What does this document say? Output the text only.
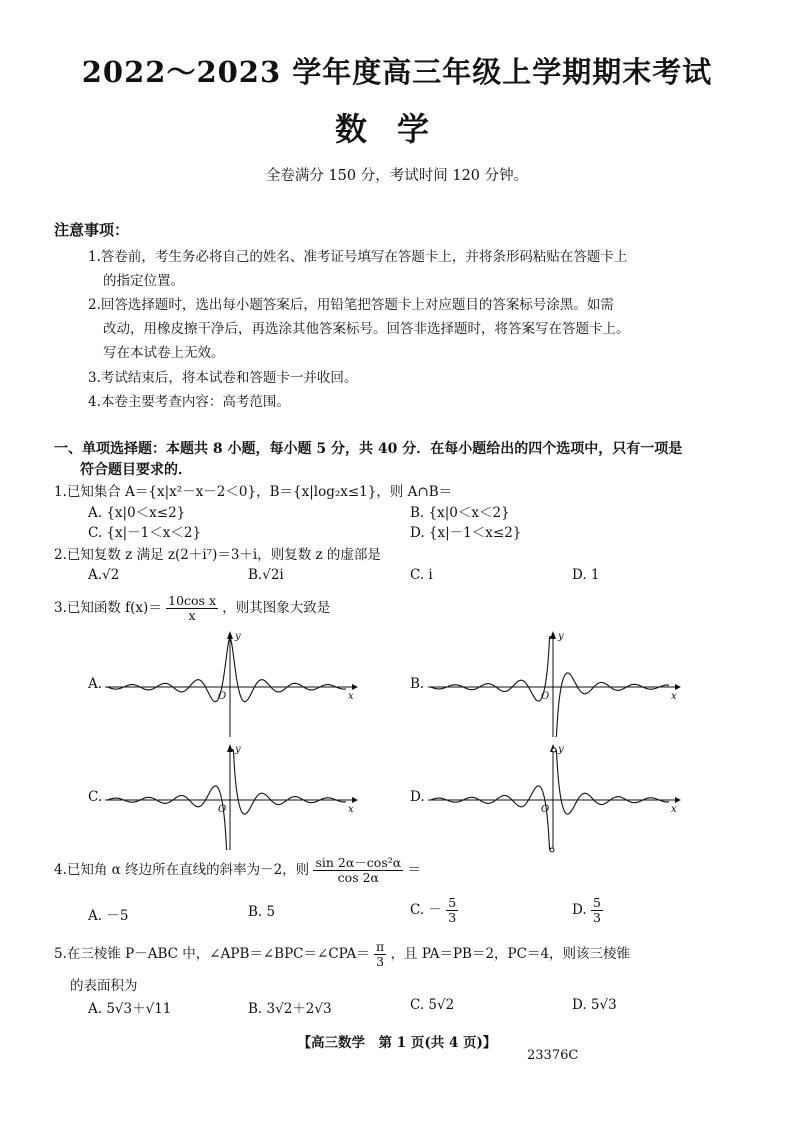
2022～2023 学年度高三年级上学期期末考试
数学
全卷满分 150 分，考试时间 120 分钟。
注意事项：
1.答卷前，考生务必将自己的姓名、准考证号填写在答题卡上，并将条形码粘贴在答题卡上
的指定位置。
2.回答选择题时，选出每小题答案后，用铅笔把答题卡上对应题目的答案标号涂黑。如需
改动，用橡皮擦干净后，再选涂其他答案标号。回答非选择题时，将答案写在答题卡上。
写在本试卷上无效。
3.考试结束后，将本试卷和答题卡一并收回。
4.本卷主要考查内容：高考范围。
一、单项选择题：本题共 8 小题，每小题 5 分，共 40 分．在每小题给出的四个选项中，只有一项是
符合题目要求的．
1.已知集合 A＝{x|x²－x－2＜0}，B＝{x|log₂x≤1}，则 A∩B＝
A. {x|0＜x≤2}	B. {x|0＜x＜2}
C. {x|－1＜x＜2}	D. {x|－1＜x≤2}
2.已知复数 z 满足 z(2＋i⁷)＝3＋i，则复数 z 的虚部是
A.√2	B.√2i	C. i	D. 1
3.已知函数 $f(x)= \frac{\text{10cos x}}{x}$ ，则其图象大致是
A.	B.
C.	D.
x
y
O	x
y
O
x
y
O	x
y
O
4.已知角 α 终边所在直线的斜率为－2，则 $\frac{\text{sin 2α－cos²α}}{\cos 2\alpha}$ ＝
A. －5	B. 5	C. － $\frac{5}{3}$	D. $\frac{5}{3}$
5.在三棱锥 P－ABC 中，∠APB＝∠BPC＝∠CPA＝ $\frac{\pi}{3}$ ，且 PA＝PB＝2，PC＝4，则该三棱锥
的表面积为
A. 5√3＋√11	B. 3√2＋2√3	C. 5√2	D. 5√3
【高三数学　第 1 页(共 4 页)】
23376C
